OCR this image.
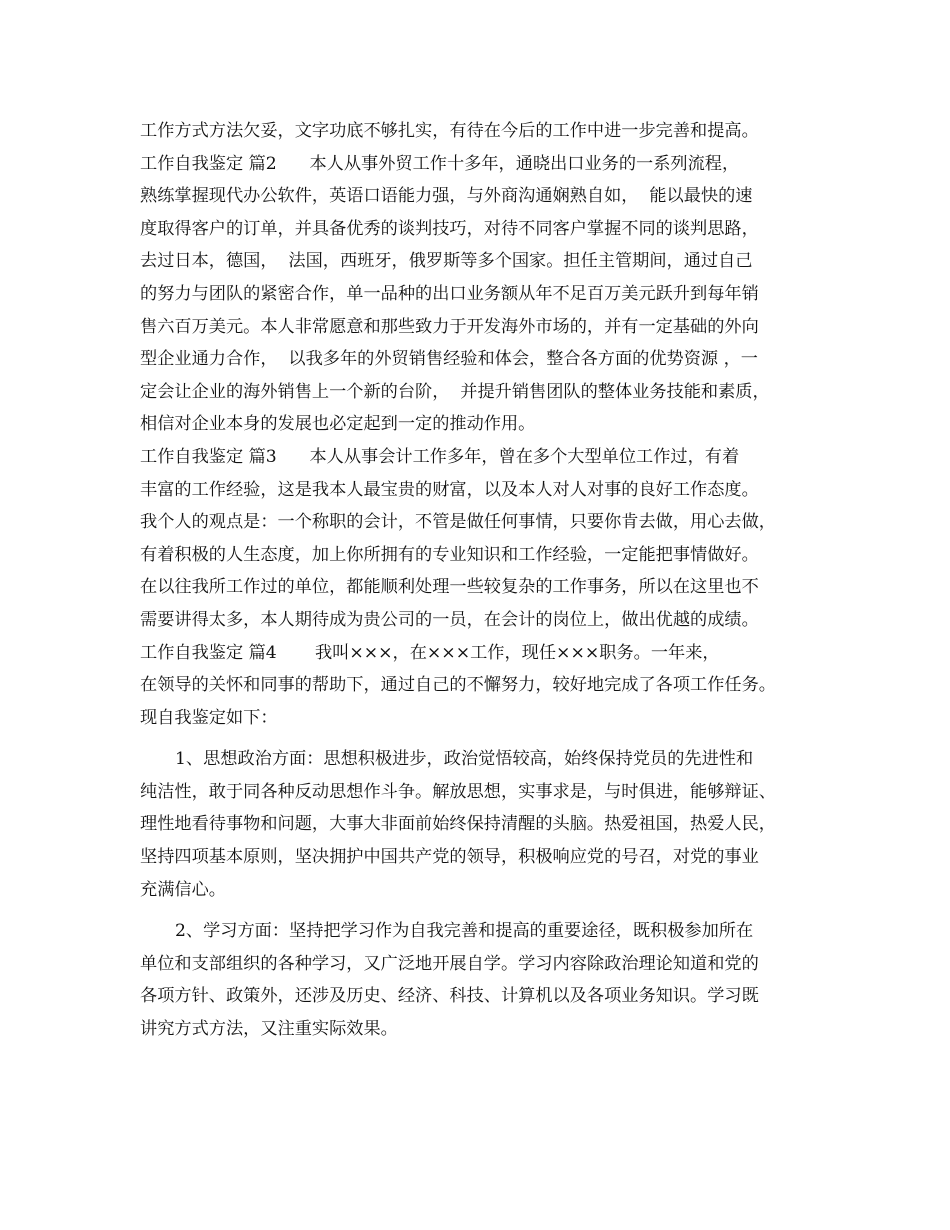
工作方式方法欠妥，文字功底不够扎实，有待在今后的工作中进一步完善和提高。
工作自我鉴定 篇2      本人从事外贸工作十多年，通晓出口业务的一系列流程，
熟练掌握现代办公软件，英语口语能力强，与外商沟通娴熟自如，  能以最快的速
度取得客户的订单，并具备优秀的谈判技巧，对待不同客户掌握不同的谈判思路，
去过日本，德国，  法国，西班牙，俄罗斯等多个国家。担任主管期间，通过自己
的努力与团队的紧密合作，单一品种的出口业务额从年不足百万美元跃升到每年销
售六百万美元。本人非常愿意和那些致力于开发海外市场的，并有一定基础的外向
型企业通力合作，  以我多年的外贸销售经验和体会，整合各方面的优势资源 ，一
定会让企业的海外销售上一个新的台阶，  并提升销售团队的整体业务技能和素质，
相信对企业本身的发展也必定起到一定的推动作用。
工作自我鉴定 篇3      本人从事会计工作多年，曾在多个大型单位工作过，有着
丰富的工作经验，这是我本人最宝贵的财富，以及本人对人对事的良好工作态度。
我个人的观点是：一个称职的会计，不管是做任何事情，只要你肯去做，用心去做，
有着积极的人生态度，加上你所拥有的专业知识和工作经验，一定能把事情做好。
在以往我所工作过的单位，都能顺利处理一些较复杂的工作事务，所以在这里也不
需要讲得太多，本人期待成为贵公司的一员，在会计的岗位上，做出优越的成绩。
工作自我鉴定 篇4       我叫×××，在×××工作，现任×××职务。一年来，
在领导的关怀和同事的帮助下，通过自己的不懈努力，较好地完成了各项工作任务。
现自我鉴定如下：
1、思想政治方面：思想积极进步，政治觉悟较高，始终保持党员的先进性和
纯洁性，敢于同各种反动思想作斗争。解放思想，实事求是，与时俱进，能够辩证、
理性地看待事物和问题，大事大非面前始终保持清醒的头脑。热爱祖国，热爱人民，
坚持四项基本原则，坚决拥护中国共产党的领导，积极响应党的号召，对党的事业
充满信心。
2、学习方面：坚持把学习作为自我完善和提高的重要途径，既积极参加所在
单位和支部组织的各种学习，又广泛地开展自学。学习内容除政治理论知道和党的
各项方针、政策外，还涉及历史、经济、科技、计算机以及各项业务知识。学习既
讲究方式方法，又注重实际效果。
